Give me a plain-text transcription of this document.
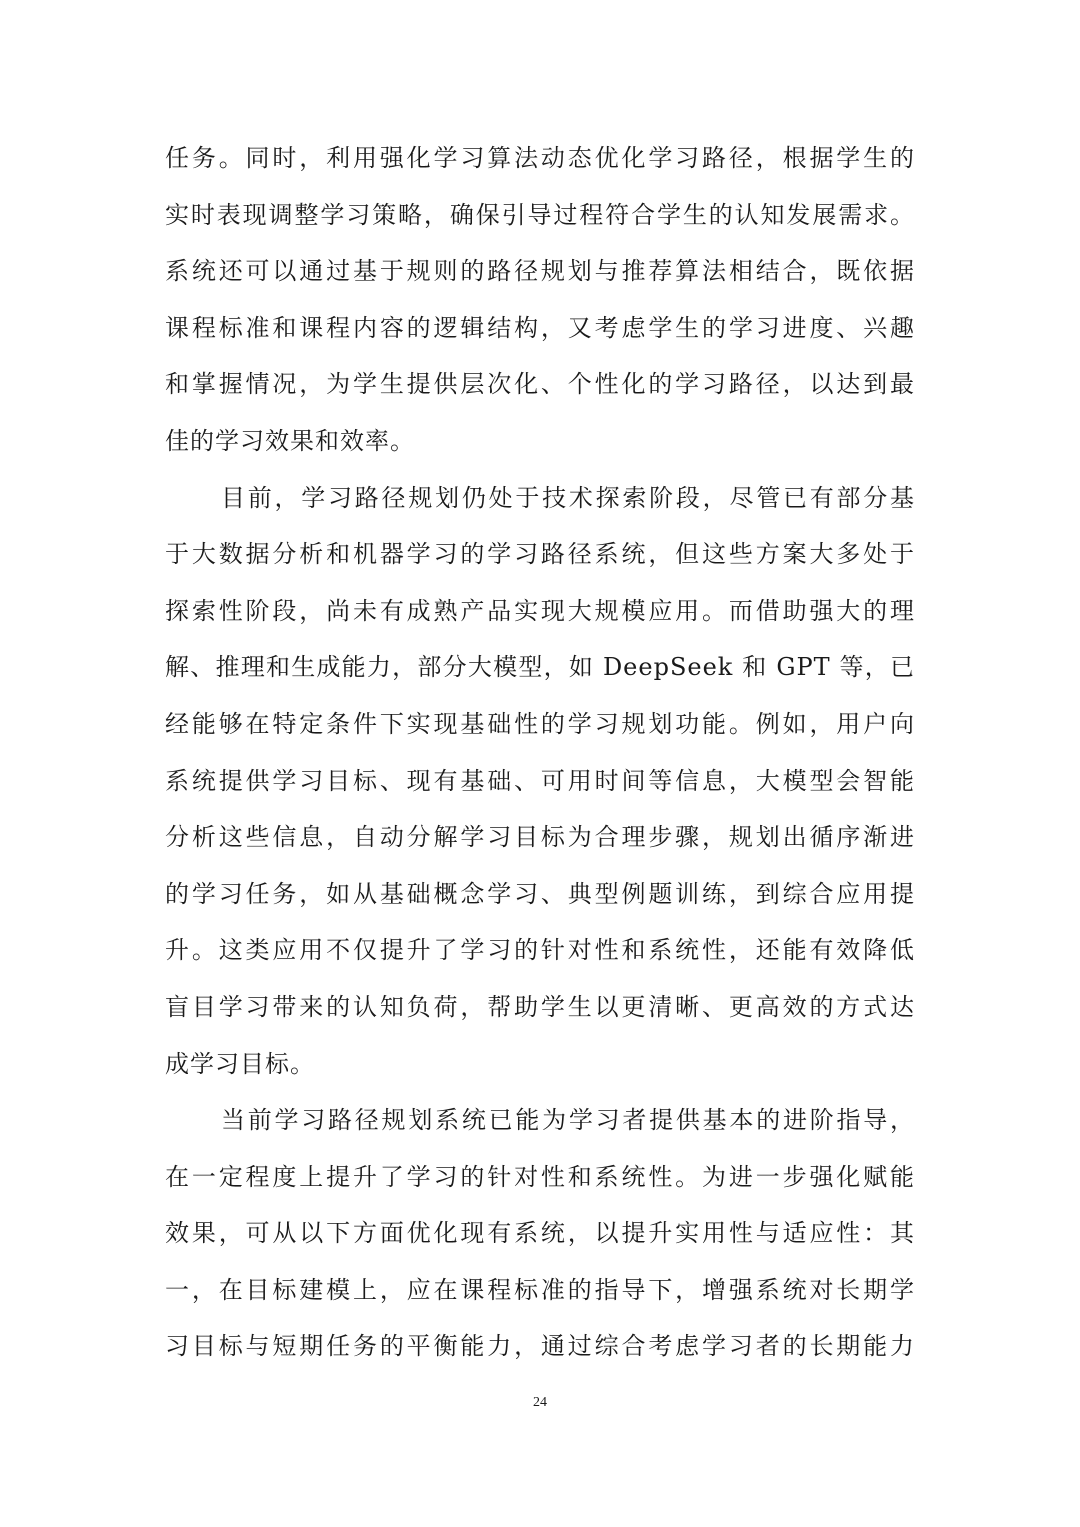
任务。同时，利用强化学习算法动态优化学习路径，根据学生的
实时表现调整学习策略，确保引导过程符合学生的认知发展需求。
系统还可以通过基于规则的路径规划与推荐算法相结合，既依据
课程标准和课程内容的逻辑结构，又考虑学生的学习进度、兴趣
和掌握情况，为学生提供层次化、个性化的学习路径，以达到最
佳的学习效果和效率。
目前，学习路径规划仍处于技术探索阶段，尽管已有部分基
于大数据分析和机器学习的学习路径系统，但这些方案大多处于
探索性阶段，尚未有成熟产品实现大规模应用。而借助强大的理
解、推理和生成能力，部分大模型，如 DeepSeek 和 GPT 等，已
经能够在特定条件下实现基础性的学习规划功能。例如，用户向
系统提供学习目标、现有基础、可用时间等信息，大模型会智能
分析这些信息，自动分解学习目标为合理步骤，规划出循序渐进
的学习任务，如从基础概念学习、典型例题训练，到综合应用提
升。这类应用不仅提升了学习的针对性和系统性，还能有效降低
盲目学习带来的认知负荷，帮助学生以更清晰、更高效的方式达
成学习目标。
当前学习路径规划系统已能为学习者提供基本的进阶指导，
在一定程度上提升了学习的针对性和系统性。为进一步强化赋能
效果，可从以下方面优化现有系统，以提升实用性与适应性：其
一，在目标建模上，应在课程标准的指导下，增强系统对长期学
习目标与短期任务的平衡能力，通过综合考虑学习者的长期能力
24
